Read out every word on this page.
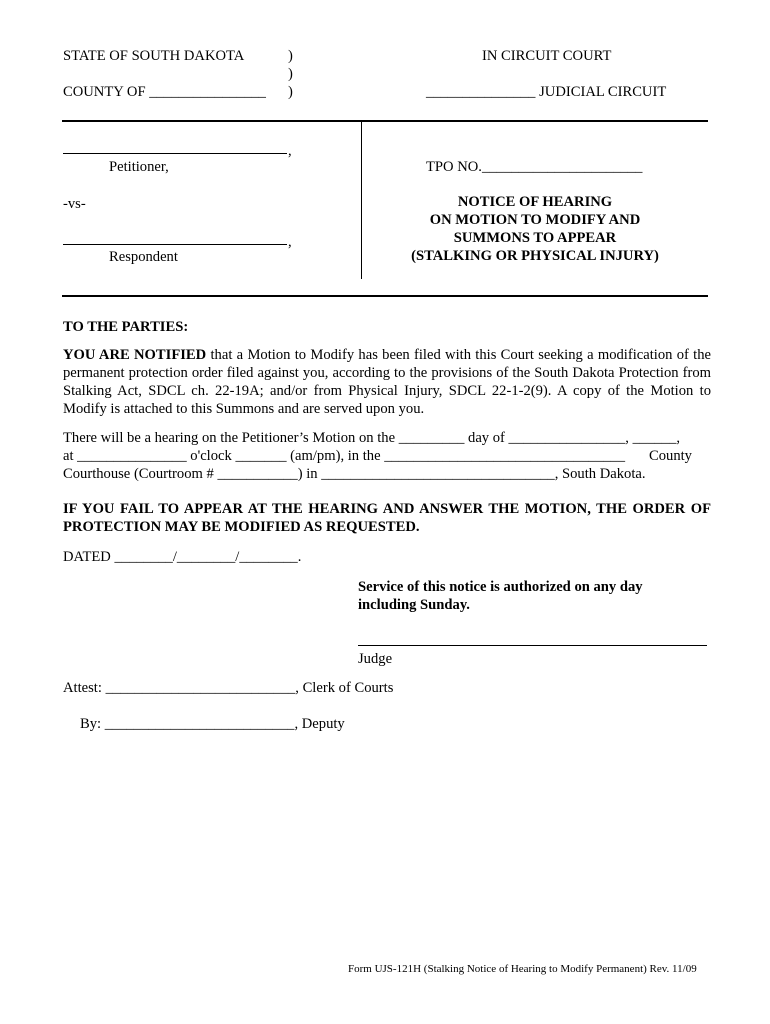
STATE OF SOUTH DAKOTA
COUNTY OF ________________
)
)
)
IN CIRCUIT COURT
_______________ JUDICIAL CIRCUIT
,
Petitioner,
-vs-
,
Respondent
TPO NO.______________________
NOTICE OF HEARING
ON MOTION TO MODIFY AND
SUMMONS TO APPEAR
(STALKING OR PHYSICAL INJURY)
TO THE PARTIES:
YOU ARE NOTIFIED that a Motion to Modify has been filed with this Court seeking a modification of the permanent protection order filed against you, according to the provisions of the South Dakota Protection from Stalking Act, SDCL ch. 22-19A; and/or from Physical Injury, SDCL 22-1-2(9). A copy of the Motion to Modify is attached to this Summons and are served upon you.
There will be a hearing on the Petitioner’s Motion on the _________ day of ________________, ______,
at _______________ o'clock _______ (am/pm), in the _________________________________ County
Courthouse (Courtroom # ___________) in ________________________________, South Dakota.
IF YOU FAIL TO APPEAR AT THE HEARING AND ANSWER THE MOTION, THE ORDER OF PROTECTION MAY BE MODIFIED AS REQUESTED.
DATED ________/________/________.
Service of this notice is authorized on any day
including Sunday.
Judge
Attest: __________________________, Clerk of Courts
By: __________________________, Deputy
Form UJS-121H (Stalking Notice of Hearing to Modify Permanent) Rev. 11/09
